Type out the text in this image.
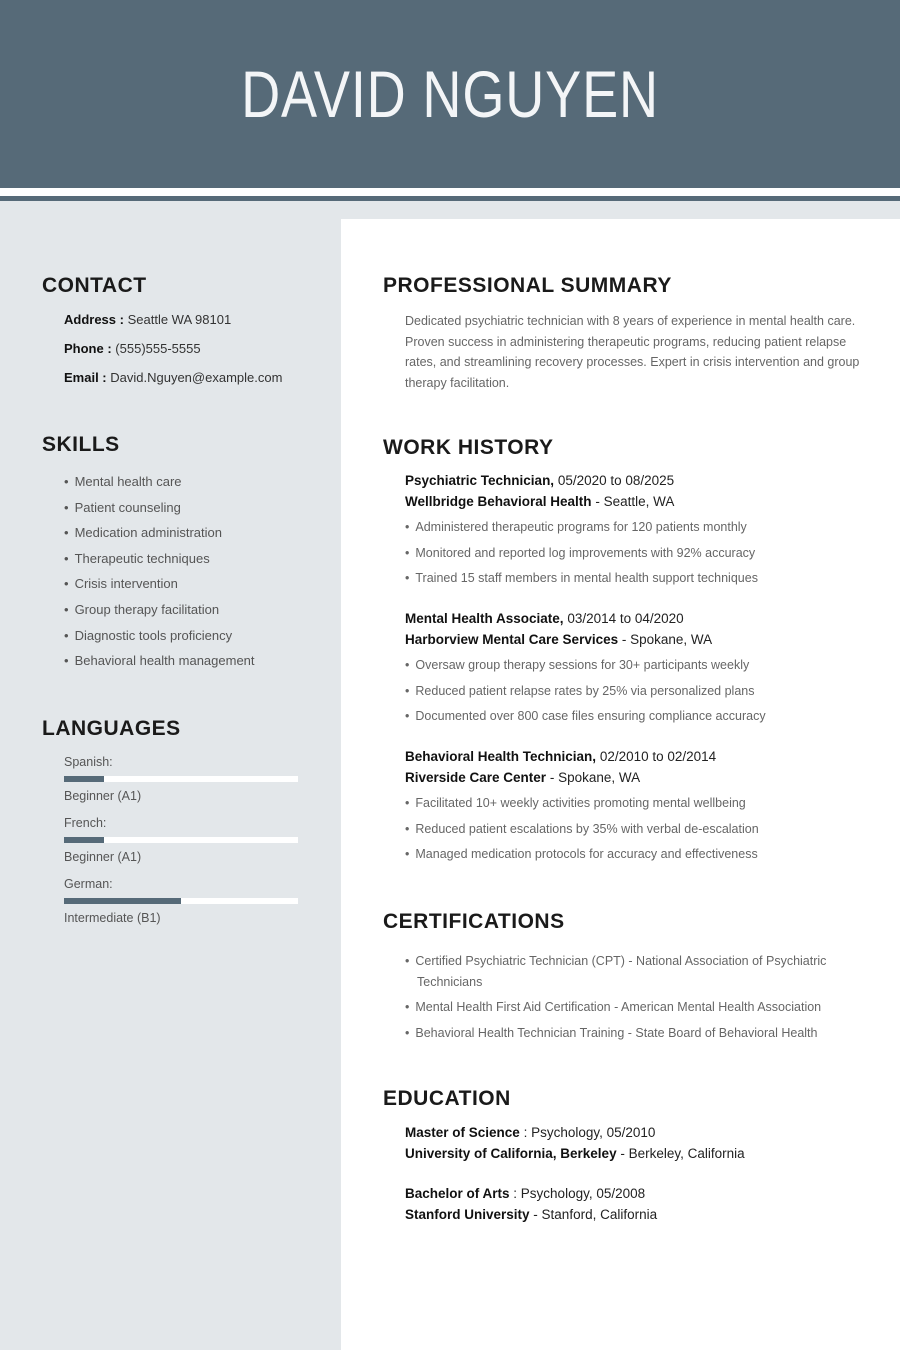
DAVID NGUYEN
CONTACT
Address : Seattle WA 98101
Phone : (555)555-5555
Email : David.Nguyen@example.com
SKILLS
• Mental health care
• Patient counseling
• Medication administration
• Therapeutic techniques
• Crisis intervention
• Group therapy facilitation
• Diagnostic tools proficiency
• Behavioral health management
LANGUAGES
Spanish:
Beginner (A1)
French:
Beginner (A1)
German:
Intermediate (B1)
PROFESSIONAL SUMMARY

Dedicated psychiatric technician with 8 years of experience in mental health care. Proven success in administering therapeutic programs, reducing patient relapse rates, and streamlining recovery processes. Expert in crisis intervention and group therapy facilitation.

WORK HISTORY
Psychiatric Technician, 05/2020 to 08/2025
Wellbridge Behavioral Health - Seattle, WA
• Administered therapeutic programs for 120 patients monthly
• Monitored and reported log improvements with 92% accuracy
• Trained 15 staff members in mental health support techniques
Mental Health Associate, 03/2014 to 04/2020
Harborview Mental Care Services - Spokane, WA
• Oversaw group therapy sessions for 30+ participants weekly
• Reduced patient relapse rates by 25% via personalized plans
• Documented over 800 case files ensuring compliance accuracy
Behavioral Health Technician, 02/2010 to 02/2014
Riverside Care Center - Spokane, WA
• Facilitated 10+ weekly activities promoting mental wellbeing
• Reduced patient escalations by 35% with verbal de-escalation
• Managed medication protocols for accuracy and effectiveness
CERTIFICATIONS
• Certified Psychiatric Technician (CPT) - National Association of Psychiatric Technicians
• Mental Health First Aid Certification - American Mental Health Association
• Behavioral Health Technician Training - State Board of Behavioral Health
EDUCATION
Master of Science : Psychology, 05/2010
University of California, Berkeley - Berkeley, California
Bachelor of Arts : Psychology, 05/2008
Stanford University - Stanford, California
